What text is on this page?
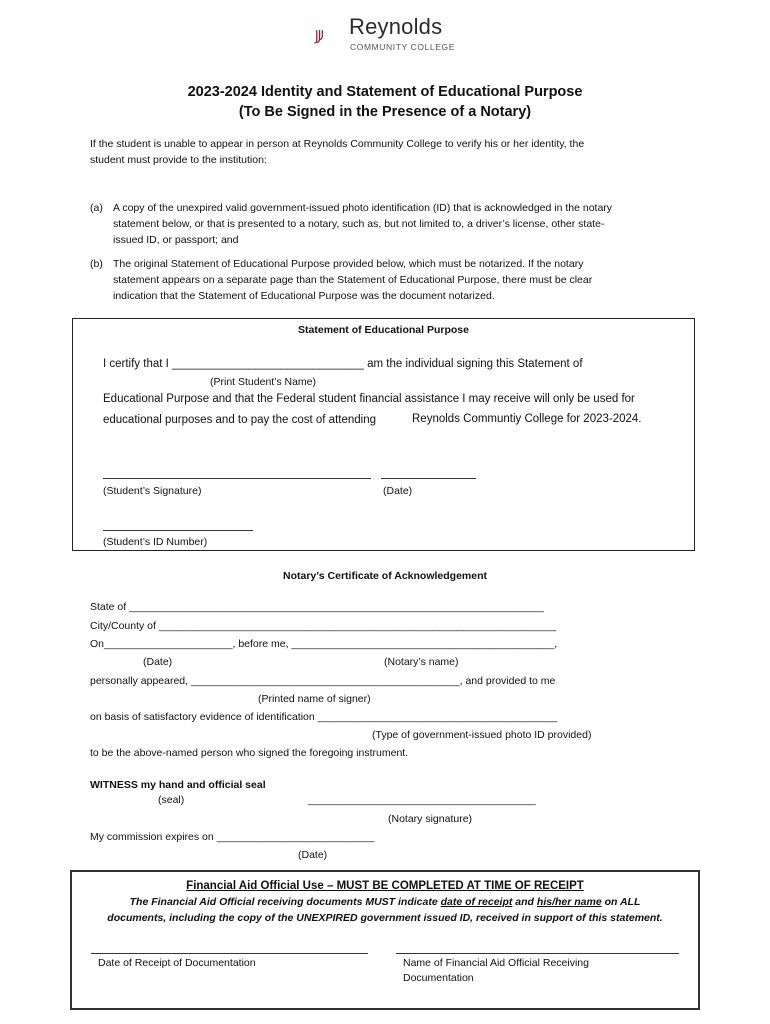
Reynolds
COMMUNITY COLLEGE
2023-2024 Identity and Statement of Educational Purpose
(To Be Signed in the Presence of a Notary)
If the student is unable to appear in person at Reynolds Community College to verify his or her identity, the
student must provide to the institution:
(a) A copy of the unexpired valid government-issued photo identification (ID) that is acknowledged in the notary
statement below, or that is presented to a notary, such as, but not limited to, a driver’s license, other state-
issued ID, or passport; and
(b) The original Statement of Educational Purpose provided below, which must be notarized. If the notary
statement appears on a separate page than the Statement of Educational Purpose, there must be clear
indication that the Statement of Educational Purpose was the document notarized.
Statement of Educational Purpose
I certify that I ______________________________ am the individual signing this Statement of
(Print Student’s Name)
Educational Purpose and that the Federal student financial assistance I may receive will only be used for
educational purposes and to pay the cost of attending	Reynolds Communtiy College for 2023-2024.
(Student’s Signature)	(Date)
(Student’s ID Number)
Notary’s Certificate of Acknowledgement
State of _______________________________________________________________________
City/County of ____________________________________________________________________
On______________________, before me, _____________________________________________,
(Date)	(Notary’s name)
personally appeared, ______________________________________________, and provided to me
(Printed name of signer)
on basis of satisfactory evidence of identification _________________________________________
(Type of government-issued photo ID provided)
to be the above-named person who signed the foregoing instrument.
WITNESS my hand and official seal
(seal)	_______________________________________
(Notary signature)
My commission expires on ___________________________
(Date)
Financial Aid Official Use – MUST BE COMPLETED AT TIME OF RECEIPT
The Financial Aid Official receiving documents MUST indicate date of receipt and his/her name on ALL
documents, including the copy of the UNEXPIRED government issued ID, received in support of this statement.
Date of Receipt of Documentation	Name of Financial Aid Official Receiving
Documentation
